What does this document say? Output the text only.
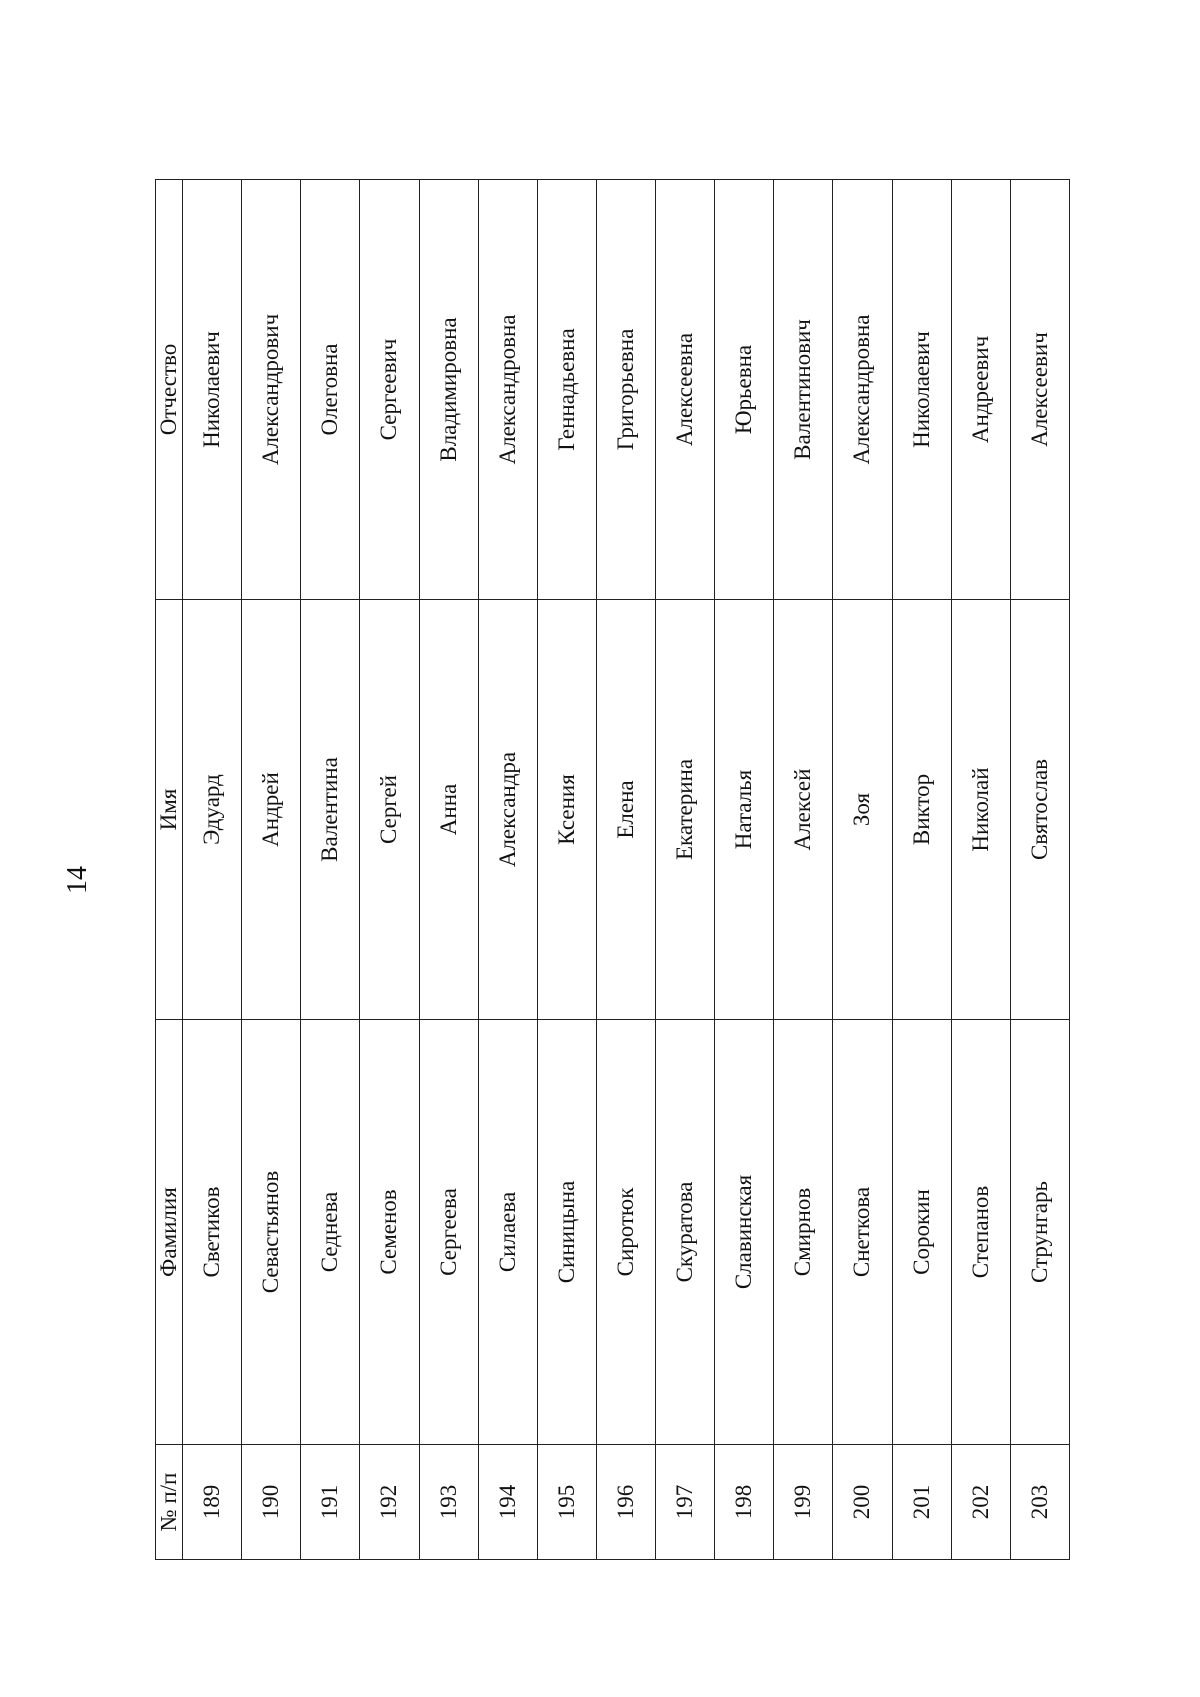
14
№ п/п	Фамилия	Имя	Отчество
189	Светиков	Эдуард	Николаевич
190	Севастьянов	Андрей	Александрович
191	Седнева	Валентина	Олеговна
192	Семенов	Сергей	Сергеевич
193	Сергеева	Анна	Владимировна
194	Силаева	Александра	Александровна
195	Синицына	Ксения	Геннадьевна
196	Сиротюк	Елена	Григорьевна
197	Скуратова	Екатерина	Алексеевна
198	Славинская	Наталья	Юрьевна
199	Смирнов	Алексей	Валентинович
200	Снеткова	Зоя	Александровна
201	Сорокин	Виктор	Николаевич
202	Степанов	Николай	Андреевич
203	Струнгарь	Святослав	Алексеевич
